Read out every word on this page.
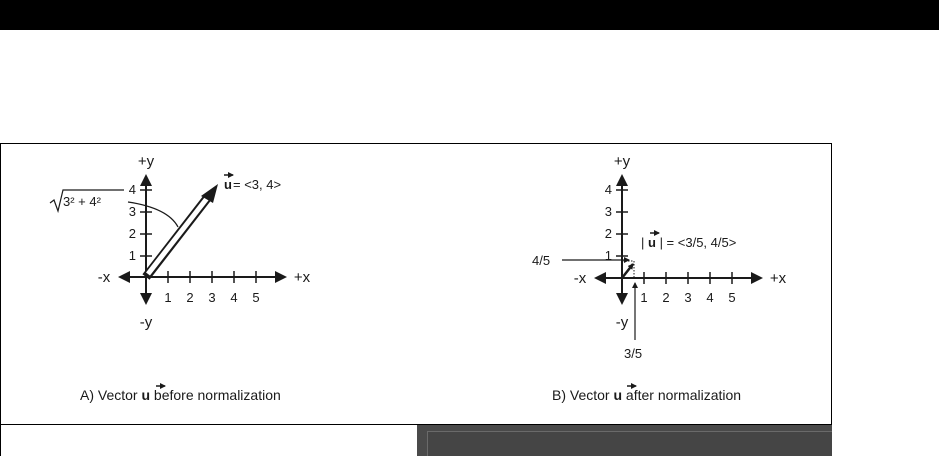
1
2
3
4
1 2 3 4 5
+y
-y
-x	+x
u = <3, 4>
3² + 4²
A) Vector u before normalization
1
2
3
4
1 2 3 4 5
+y
-y
-x	+x
| u | = <3/5, 4/5>
4/5
3/5
B) Vector u after normalization
